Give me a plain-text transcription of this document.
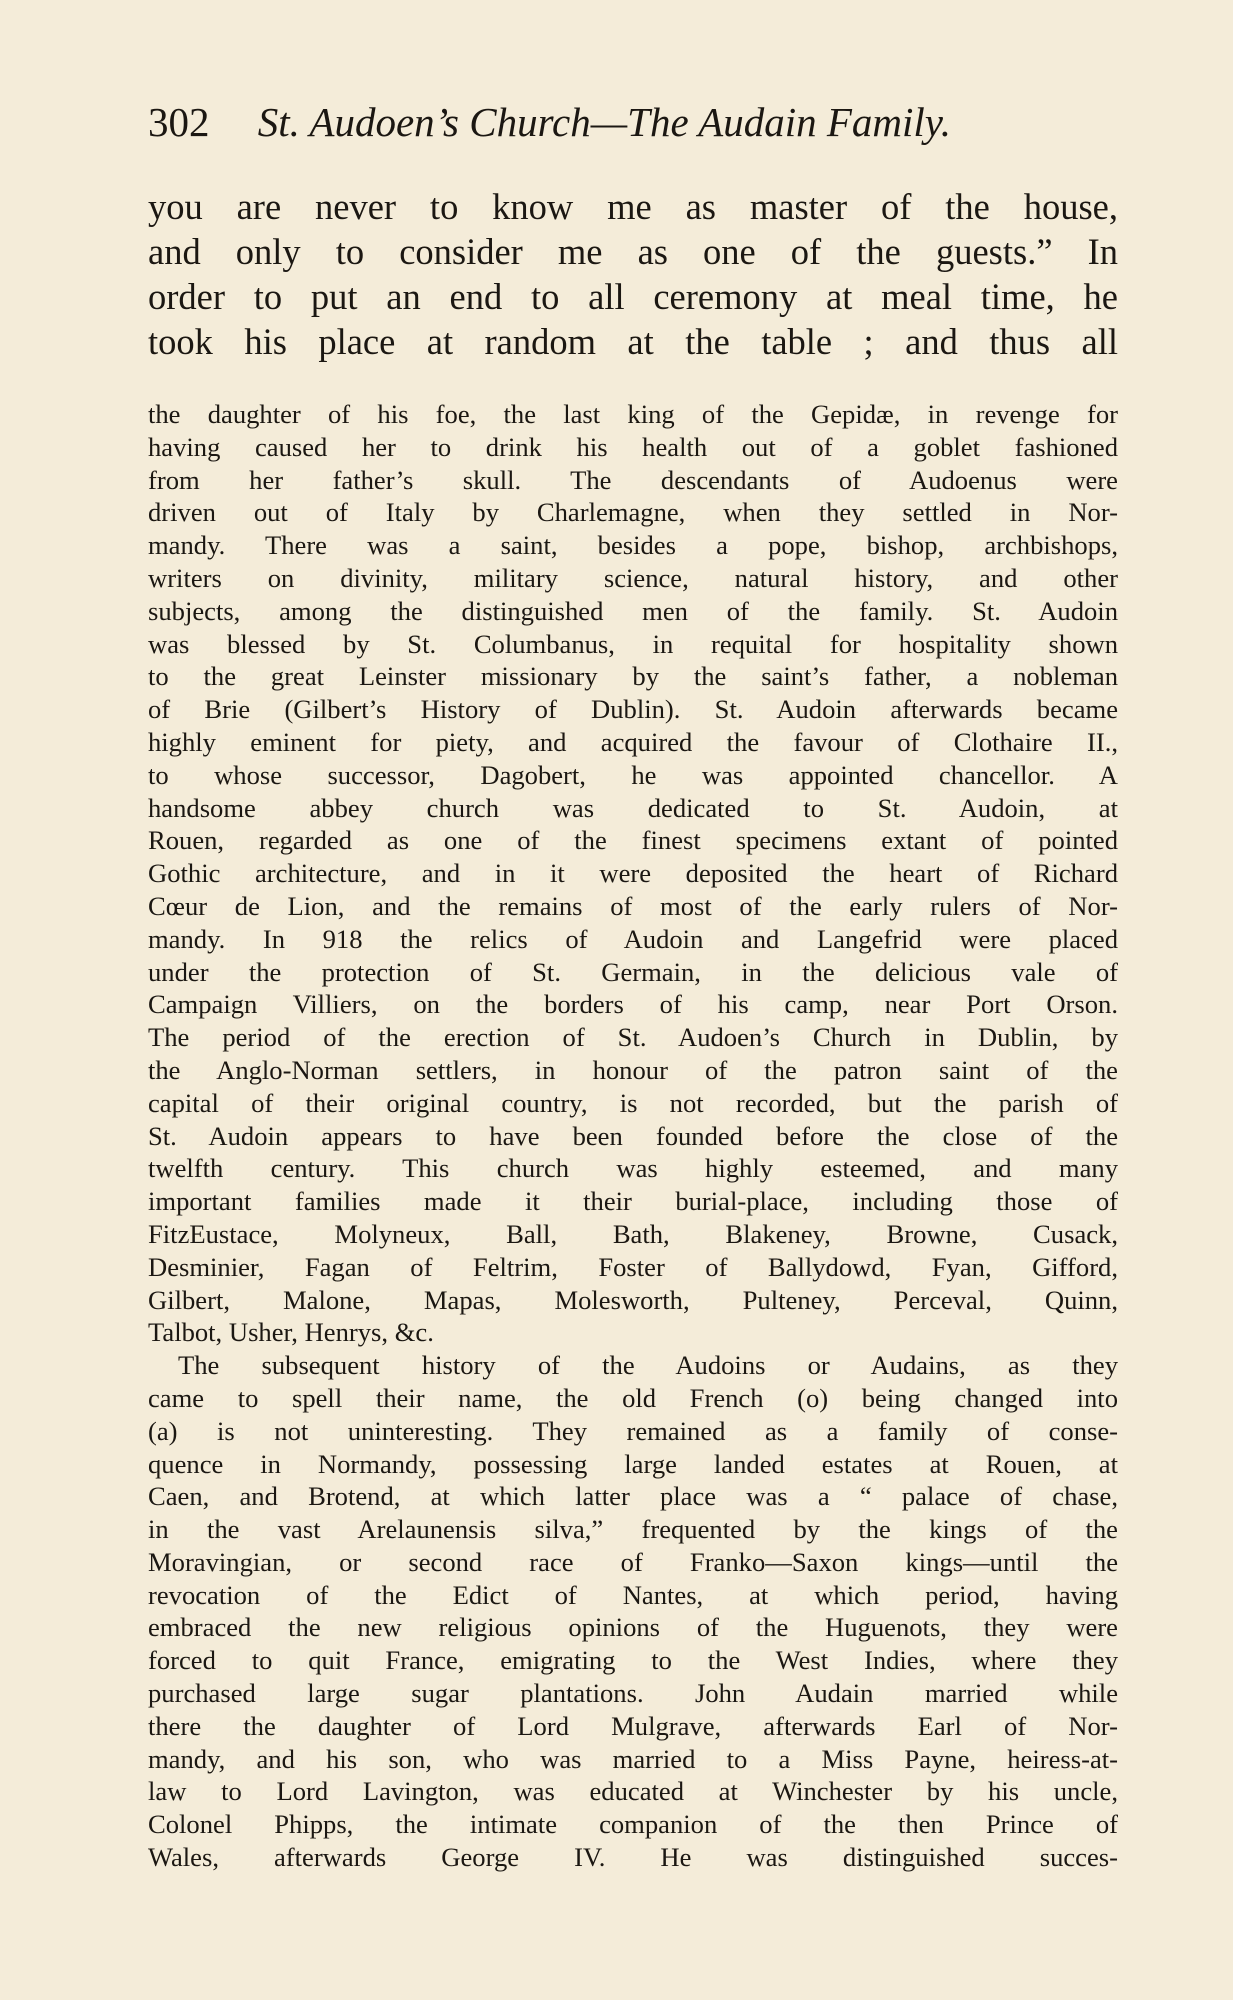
302 St. Audoen’s Church—The Audain Family.
you are never to know me as master of the house,
and only to consider me as one of the guests.” In
order to put an end to all ceremony at meal time, he
took his place at random at the table ; and thus all
the daughter of his foe, the last king of the Gepidæ, in revenge for
having caused her to drink his health out of a goblet fashioned
from her father’s skull. The descendants of Audoenus were
driven out of Italy by Charlemagne, when they settled in Nor-
mandy. There was a saint, besides a pope, bishop, archbishops,
writers on divinity, military science, natural history, and other
subjects, among the distinguished men of the family. St. Audoin
was blessed by St. Columbanus, in requital for hospitality shown
to the great Leinster missionary by the saint’s father, a nobleman
of Brie (Gilbert’s History of Dublin). St. Audoin afterwards became
highly eminent for piety, and acquired the favour of Clothaire II.,
to whose successor, Dagobert, he was appointed chancellor. A
handsome abbey church was dedicated to St. Audoin, at
Rouen, regarded as one of the finest specimens extant of pointed
Gothic architecture, and in it were deposited the heart of Richard
Cœur de Lion, and the remains of most of the early rulers of Nor-
mandy. In 918 the relics of Audoin and Langefrid were placed
under the protection of St. Germain, in the delicious vale of
Campaign Villiers, on the borders of his camp, near Port Orson.
The period of the erection of St. Audoen’s Church in Dublin, by
the Anglo-Norman settlers, in honour of the patron saint of the
capital of their original country, is not recorded, but the parish of
St. Audoin appears to have been founded before the close of the
twelfth century. This church was highly esteemed, and many
important families made it their burial-place, including those of
FitzEustace, Molyneux, Ball, Bath, Blakeney, Browne, Cusack,
Desminier, Fagan of Feltrim, Foster of Ballydowd, Fyan, Gifford,
Gilbert, Malone, Mapas, Molesworth, Pulteney, Perceval, Quinn,
Talbot, Usher, Henrys, &c.
The subsequent history of the Audoins or Audains, as they
came to spell their name, the old French (o) being changed into
(a) is not uninteresting. They remained as a family of conse-
quence in Normandy, possessing large landed estates at Rouen, at
Caen, and Brotend, at which latter place was a “ palace of chase,
in the vast Arelaunensis silva,” frequented by the kings of the
Moravingian, or second race of Franko—Saxon kings—until the
revocation of the Edict of Nantes, at which period, having
embraced the new religious opinions of the Huguenots, they were
forced to quit France, emigrating to the West Indies, where they
purchased large sugar plantations. John Audain married while
there the daughter of Lord Mulgrave, afterwards Earl of Nor-
mandy, and his son, who was married to a Miss Payne, heiress-at-
law to Lord Lavington, was educated at Winchester by his uncle,
Colonel Phipps, the intimate companion of the then Prince of
Wales, afterwards George IV. He was distinguished succes-
